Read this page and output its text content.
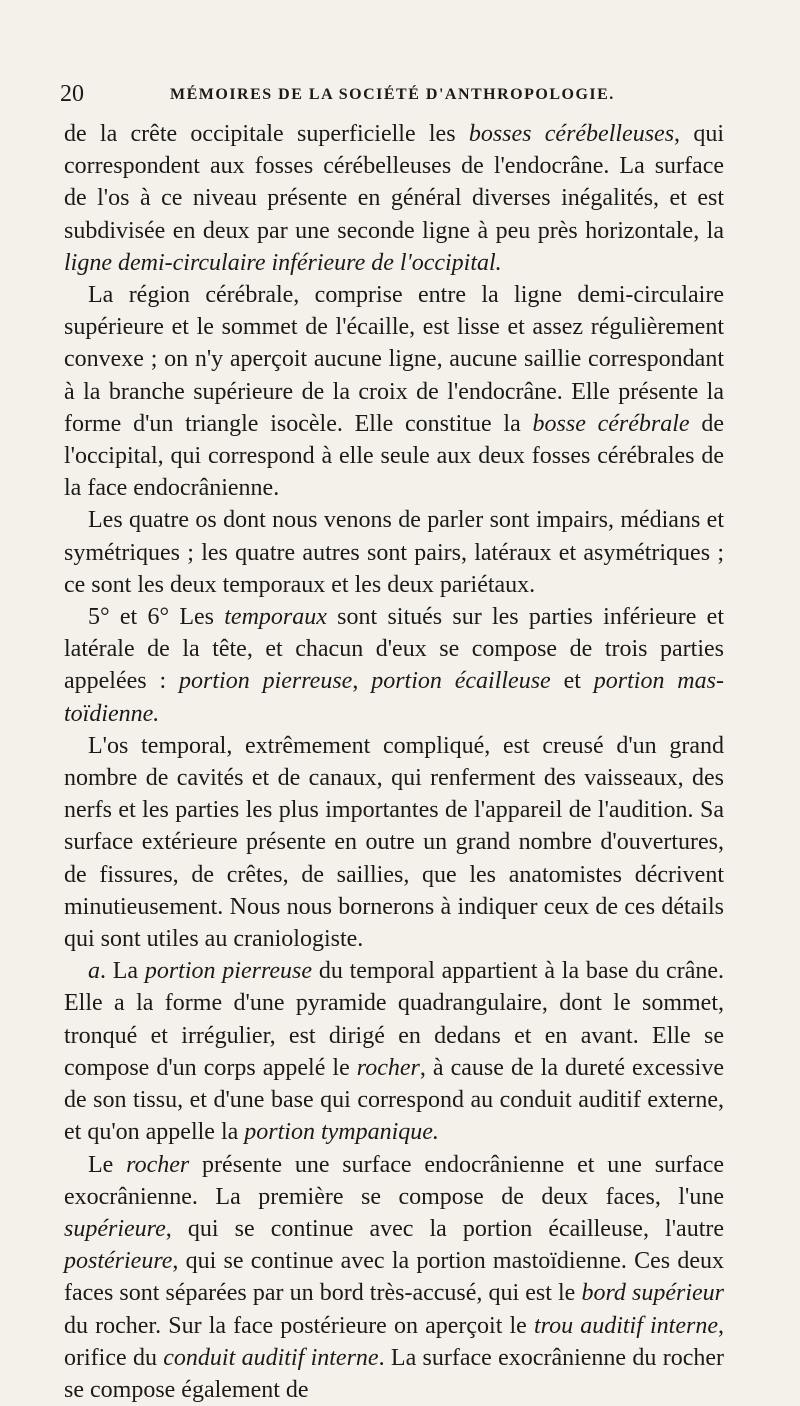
20	MÉMOIRES DE LA SOCIÉTÉ D'ANTHROPOLOGIE.

de la crête occipitale superficielle les bosses cérébelleuses, qui correspondent aux fosses cérébelleuses de l'endocrâne. La surface de l'os à ce niveau présente en général diverses inégalités, et est subdivisée en deux par une seconde ligne à peu près horizontale, la ligne demi-circulaire inférieure de l'occipital.

La région cérébrale, comprise entre la ligne demi-circulaire supérieure et le sommet de l'écaille, est lisse et assez régulièrement convexe ; on n'y aperçoit aucune ligne, aucune saillie correspondant à la branche supérieure de la croix de l'endocrâne. Elle présente la forme d'un triangle isocèle. Elle constitue la bosse cérébrale de l'occipital, qui correspond à elle seule aux deux fosses cérébrales de la face endocrânienne.

Les quatre os dont nous venons de parler sont impairs, médians et symétriques ; les quatre autres sont pairs, latéraux et asymétriques ; ce sont les deux temporaux et les deux pariétaux.

5° et 6° Les temporaux sont situés sur les parties inférieure et latérale de la tête, et chacun d'eux se compose de trois parties appelées : portion pierreuse, portion écailleuse et portion mastoïdienne.

L'os temporal, extrêmement compliqué, est creusé d'un grand nombre de cavités et de canaux, qui renferment des vaisseaux, des nerfs et les parties les plus importantes de l'appareil de l'audition. Sa surface extérieure présente en outre un grand nombre d'ouvertures, de fissures, de crêtes, de saillies, que les anatomistes décrivent minutieusement. Nous nous bornerons à indiquer ceux de ces détails qui sont utiles au craniologiste.

a. La portion pierreuse du temporal appartient à la base du crâne. Elle a la forme d'une pyramide quadrangulaire, dont le sommet, tronqué et irrégulier, est dirigé en dedans et en avant. Elle se compose d'un corps appelé le rocher, à cause de la dureté excessive de son tissu, et d'une base qui correspond au conduit auditif externe, et qu'on appelle la portion tympanique.

Le rocher présente une surface endocrânienne et une surface exocrânienne. La première se compose de deux faces, l'une supérieure, qui se continue avec la portion écailleuse, l'autre postérieure, qui se continue avec la portion mastoïdienne. Ces deux faces sont séparées par un bord très-accusé, qui est le bord supérieur du rocher. Sur la face postérieure on aperçoit le trou auditif interne, orifice du conduit auditif interne. La surface exocrânienne du rocher se compose également de
